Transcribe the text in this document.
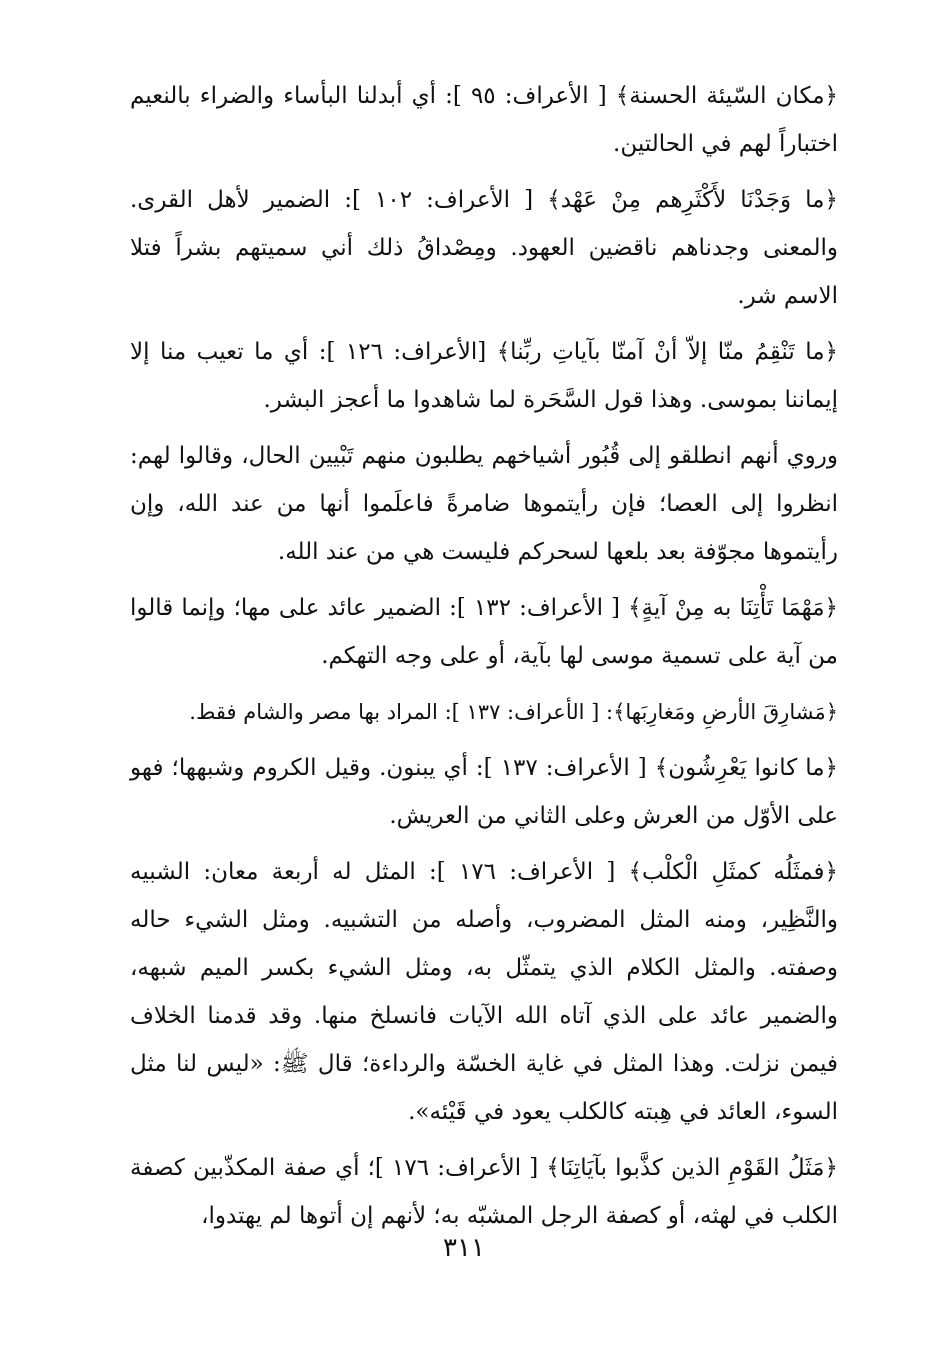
﴿مكان السّيئة الحسنة﴾ [ الأعراف: ٩٥ ]: أي أبدلنا البأساء والضراء بالنعيم اختباراً لهم في الحالتين.

﴿ما وَجَدْنَا لأَكْثَرِهم مِنْ عَهْد﴾ [ الأعراف: ١٠٢ ]: الضمير لأهل القرى. والمعنى وجدناهم ناقضين العهود. ومِصْداقُ ذلك أني سميتهم بشراً فتلا الاسم شر.

﴿ما تَنْقِمُ منّا إلاّ أنْ آمنّا بآياتِ ربِّنا﴾ [الأعراف: ١٢٦ ]: أي ما تعيب منا إلا إيماننا بموسى. وهذا قول السَّحَرة لما شاهدوا ما أعجز البشر.

وروي أنهم انطلقو إلى قُبُور أشياخهم يطلبون منهم تَبْيين الحال، وقالوا لهم: انظروا إلى العصا؛ فإن رأيتموها ضامرةً فاعلَموا أنها من عند الله، وإن رأيتموها مجوّفة بعد بلعها لسحركم فليست هي من عند الله.

﴿مَهْمَا تَأْتِنَا به مِنْ آيةٍ﴾ [ الأعراف: ١٣٢ ]: الضمير عائد على مها؛ وإنما قالوا من آية على تسمية موسى لها بآية، أو على وجه التهكم.

﴿مَشارِقَ الأرضِ ومَغارِبَها﴾: [ الأعراف: ١٣٧ ]: المراد بها مصر والشام فقط.

﴿ما كانوا يَعْرِشُون﴾ [ الأعراف: ١٣٧ ]: أي يبنون. وقيل الكروم وشبهها؛ فهو على الأوّل من العرش وعلى الثاني من العريش.

﴿فمثَلُه كمثَلِ الْكلْب﴾ [ الأعراف: ١٧٦ ]: المثل له أربعة معان: الشبيه والنَّظِير، ومنه المثل المضروب، وأصله من التشبيه. ومثل الشيء حاله وصفته. والمثل الكلام الذي يتمثّل به، ومثل الشيء بكسر الميم شبهه، والضمير عائد على الذي آتاه الله الآيات فانسلخ منها. وقد قدمنا الخلاف فيمن نزلت. وهذا المثل في غاية الخسّة والرداءة؛ قال ﷺ: «ليس لنا مثل السوء، العائد في هِبته كالكلب يعود في قَيْئه».

﴿مَثَلُ القَوْمِ الذين كذَّبوا بآيَاتِنَا﴾ [ الأعراف: ١٧٦ ]؛ أي صفة المكذّبين كصفة الكلب في لهثه، أو كصفة الرجل المشبّه به؛ لأنهم إن أتوها لم يهتدوا،

٣١١
